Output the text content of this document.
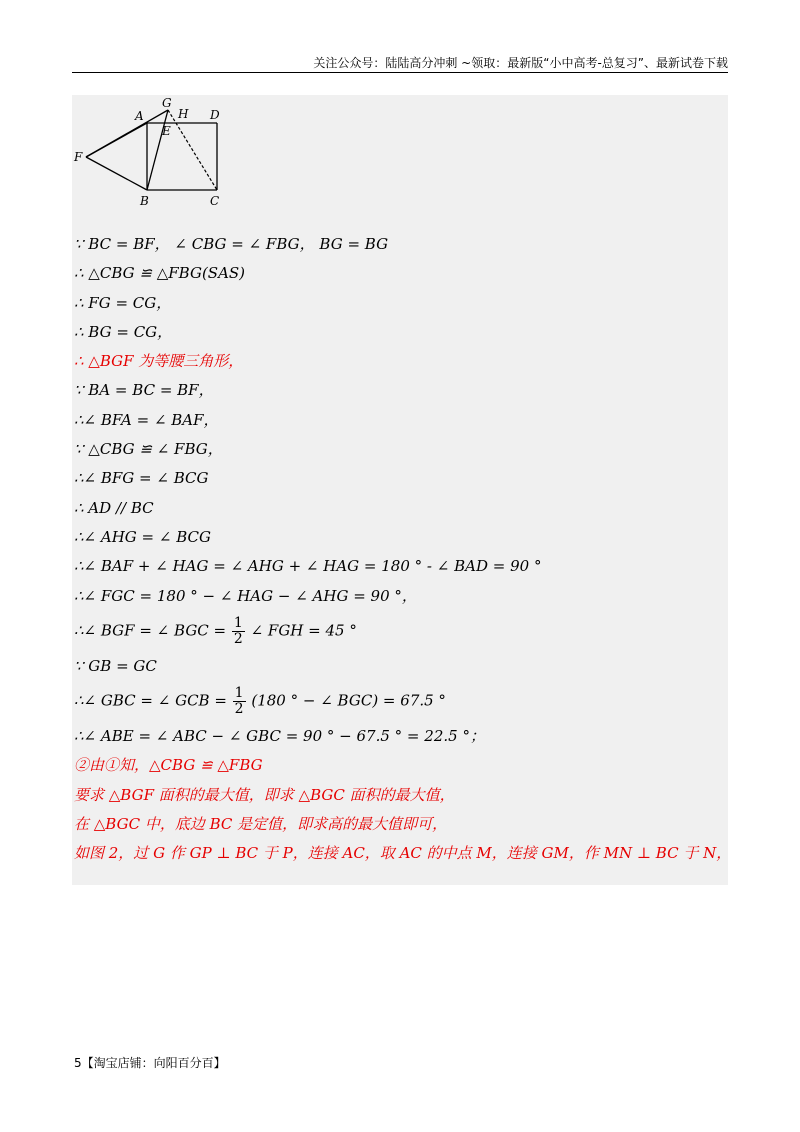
关注公众号：陆陆高分冲刺 ~领取：最新版“小中高考-总复习”、最新试卷下载
A
G
H D
E
F
B	C
∵ BC = BF， ∠ CBG = ∠ FBG， BG = BG
∴ △CBG ≌ △FBG(SAS)
∴ FG = CG，
∴ BG = CG，
∴ △BGF 为等腰三角形，
∵ BA = BC = BF，
∴∠ BFA = ∠ BAF，
∵ △CBG ≌ ∠ FBG，
∴∠ BFG = ∠ BCG
∴ AD // BC
∴∠ AHG = ∠ BCG
∴∠ BAF + ∠ HAG = ∠ AHG + ∠ HAG = 180 ° - ∠ BAD = 90 °
∴∠ FGC = 180 ° − ∠ HAG − ∠ AHG = 90 °，
∴∠ BGF = ∠ BGC = $\frac{1}{2}$ ∠ FGH = 45 °
∵ GB = GC
∴∠ GBC = ∠ GCB = $\frac{1}{2} (180$ ° − ∠ BGC) = 67.5 °
∴∠ ABE = ∠ ABC − ∠ GBC = 90 ° − 67.5 ° = 22.5 °；
②由①知，△CBG ≌ △FBG
要求 △BGF 面积的最大值，即求 △BGC 面积的最大值，
在 △BGC 中，底边 BC 是定值，即求高的最大值即可，
如图 2，过 G 作 GP ⊥ BC 于 P，连接 AC，取 AC 的中点 M，连接 GM，作 MN ⊥ BC 于 N，
5【淘宝店铺：向阳百分百】
